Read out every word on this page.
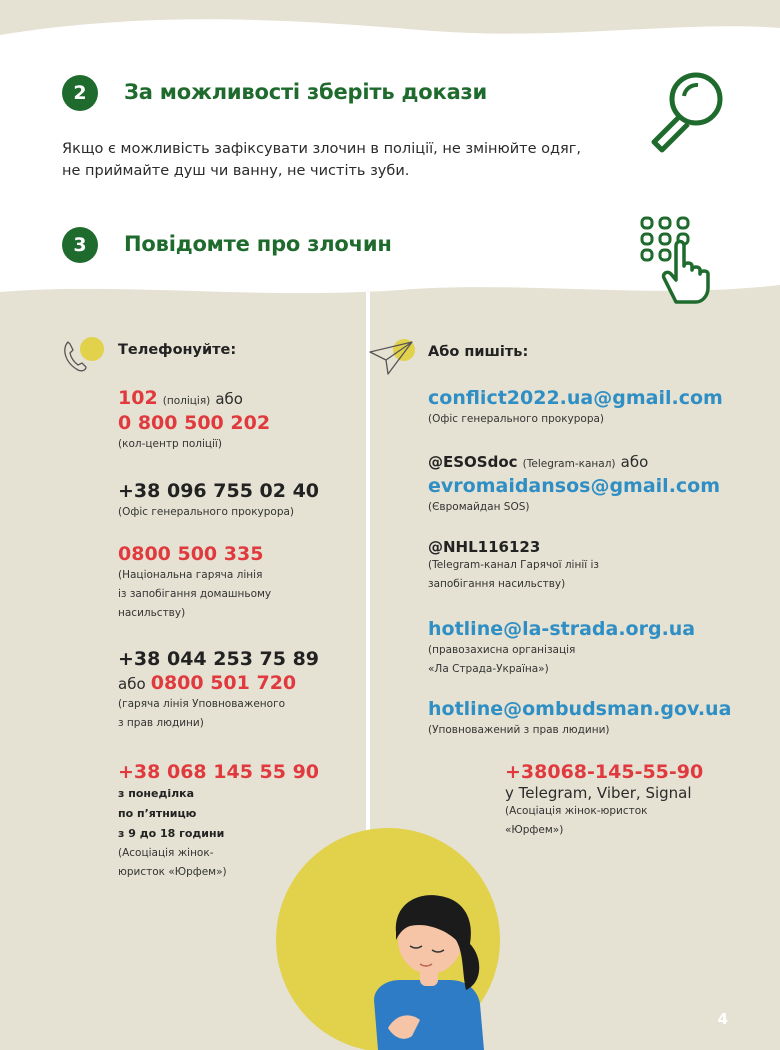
2	За можливості зберіть докази
Якщо є можливість зафіксувати злочин в поліції, не змінюйте одяг, не приймайте душ чи ванну, не чистіть зуби.
3	Повідомте про злочин
Телефонуйте:
102 (поліція) або
0 800 500 202
(кол-центр поліції)
+38 096 755 02 40
(Офіс генерального прокурора)
0800 500 335
(Національна гаряча лінія
із запобігання домашньому
насильству)
+38 044 253 75 89
або 0800 501 720
(гаряча лінія Уповноваженого
з прав людини)
+38 068 145 55 90
з понеділка
по п’ятницю
з 9 до 18 години
(Асоціація жінок-
юристок «Юрфем»)
Або пишіть:
conflict2022.ua@gmail.com
(Офіс генерального прокурора)
@ESOSdoc (Telegram-канал) або
evromaidansos@gmail.com
(Євромайдан SOS)
@NHL116123
(Telegram-канал Гарячої лінії із
запобігання насильству)
hotline@la-strada.org.ua
(правозахисна організація
«Ла Страда-Україна»)
hotline@ombudsman.gov.ua
(Уповноважений з прав людини)
+38068-145-55-90
у Telegram, Viber, Signal
(Асоціація жінок-юристок
«Юрфем»)
4
